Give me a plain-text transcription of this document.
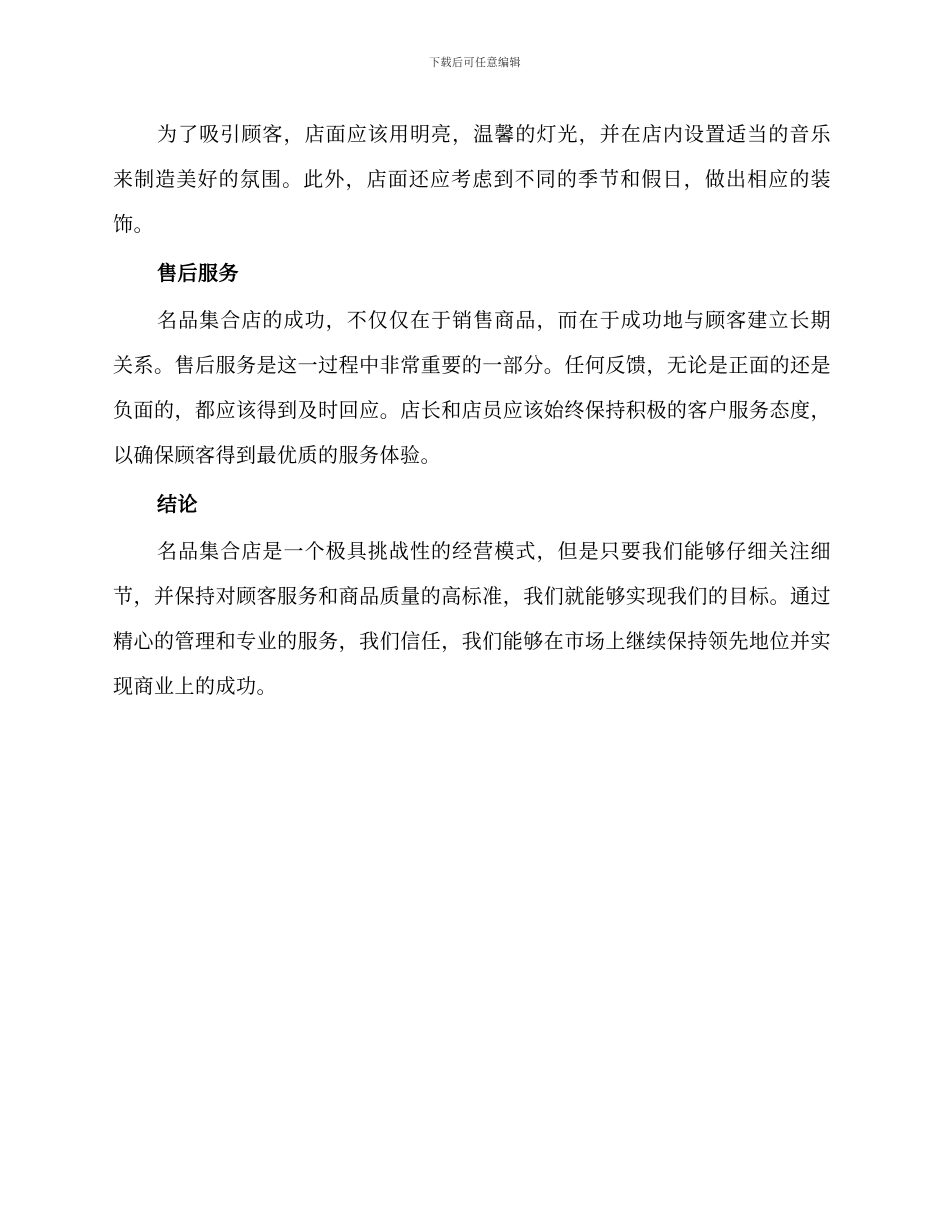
下载后可任意编辑

为了吸引顾客，店面应该用明亮，温馨的灯光，并在店内设置适当的音乐来制造美好的氛围。此外，店面还应考虑到不同的季节和假日，做出相应的装饰。

售后服务

名品集合店的成功，不仅仅在于销售商品，而在于成功地与顾客建立长期关系。售后服务是这一过程中非常重要的一部分。任何反馈，无论是正面的还是负面的，都应该得到及时回应。店长和店员应该始终保持积极的客户服务态度，以确保顾客得到最优质的服务体验。

结论

名品集合店是一个极具挑战性的经营模式，但是只要我们能够仔细关注细节，并保持对顾客服务和商品质量的高标准，我们就能够实现我们的目标。通过精心的管理和专业的服务，我们信任，我们能够在市场上继续保持领先地位并实现商业上的成功。
